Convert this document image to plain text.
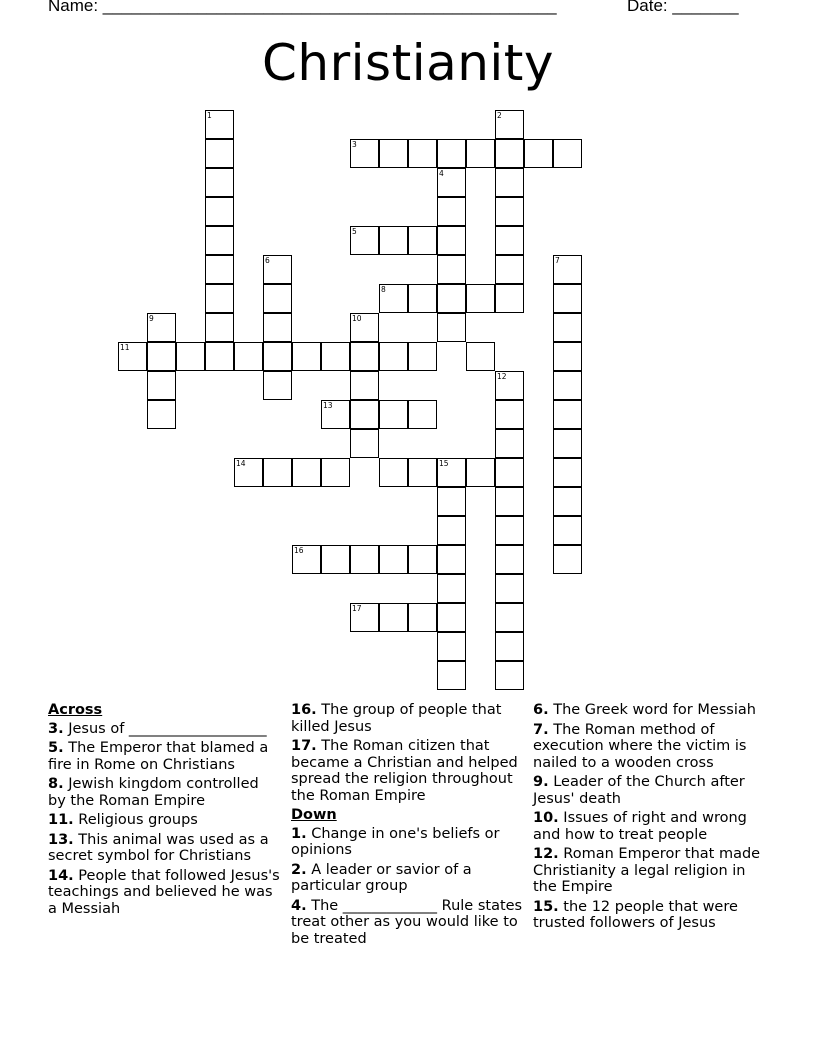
Name: ________________________________________________	Date: _______
Christianity
1	2
3
4
5
6	7
8
9	10
11
12
13
14	15
16
17
Across
3. Jesus of ___________________
5. The Emperor that blamed a fire in Rome on Christians
8. Jewish kingdom controlled by the Roman Empire
11. Religious groups
13. This animal was used as a secret symbol for Christians
14. People that followed Jesus's teachings and believed he was a Messiah
16. The group of people that killed Jesus
17. The Roman citizen that became a Christian and helped spread the religion throughout the Roman Empire
Down
1. Change in one's beliefs or opinions
2. A leader or savior of a particular group
4. The _____________ Rule states treat other as you would like to be treated
6. The Greek word for Messiah
7. The Roman method of execution where the victim is nailed to a wooden cross
9. Leader of the Church after Jesus' death
10. Issues of right and wrong and how to treat people
12. Roman Emperor that made Christianity a legal religion in the Empire
15. the 12 people that were trusted followers of Jesus
